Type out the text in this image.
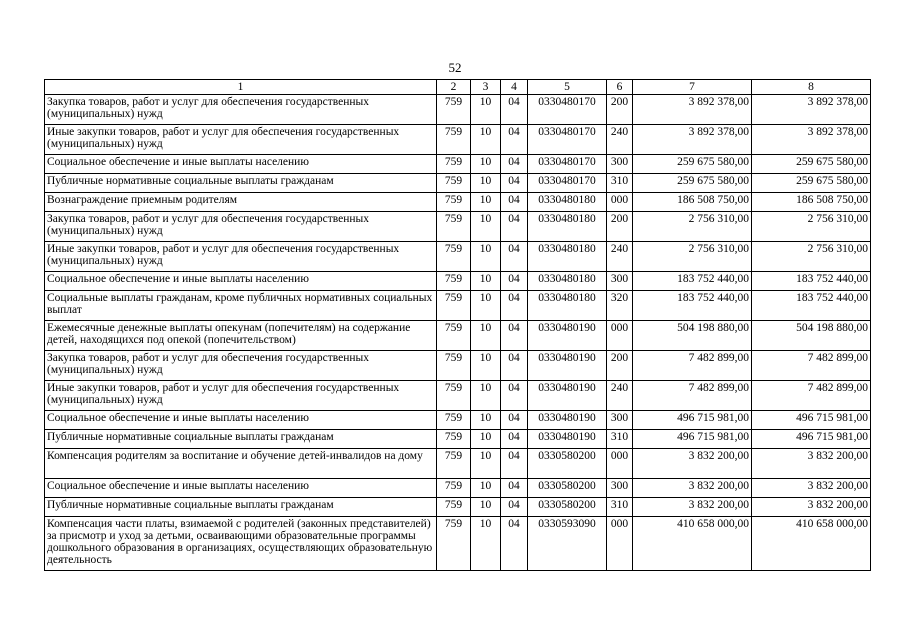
52
1	2	3	4	5	6	7	8
Закупка товаров, работ и услуг для обеспечения государственных (муниципальных) нужд	759	10	04	0330480170	200	3 892 378,00	3 892 378,00
Иные закупки товаров, работ и услуг для обеспечения государственных (муниципальных) нужд	759	10	04	0330480170	240	3 892 378,00	3 892 378,00
Социальное обеспечение и иные выплаты населению	759	10	04	0330480170	300	259 675 580,00	259 675 580,00
Публичные нормативные социальные выплаты гражданам	759	10	04	0330480170	310	259 675 580,00	259 675 580,00
Вознаграждение приемным родителям	759	10	04	0330480180	000	186 508 750,00	186 508 750,00
Закупка товаров, работ и услуг для обеспечения государственных (муниципальных) нужд	759	10	04	0330480180	200	2 756 310,00	2 756 310,00
Иные закупки товаров, работ и услуг для обеспечения государственных (муниципальных) нужд	759	10	04	0330480180	240	2 756 310,00	2 756 310,00
Социальное обеспечение и иные выплаты населению	759	10	04	0330480180	300	183 752 440,00	183 752 440,00
Социальные выплаты гражданам, кроме публичных нормативных социальных выплат	759	10	04	0330480180	320	183 752 440,00	183 752 440,00
Ежемесячные денежные выплаты опекунам (попечителям) на содержание детей, находящихся под опекой (попечительством)	759	10	04	0330480190	000	504 198 880,00	504 198 880,00
Закупка товаров, работ и услуг для обеспечения государственных (муниципальных) нужд	759	10	04	0330480190	200	7 482 899,00	7 482 899,00
Иные закупки товаров, работ и услуг для обеспечения государственных (муниципальных) нужд	759	10	04	0330480190	240	7 482 899,00	7 482 899,00
Социальное обеспечение и иные выплаты населению	759	10	04	0330480190	300	496 715 981,00	496 715 981,00
Публичные нормативные социальные выплаты гражданам	759	10	04	0330480190	310	496 715 981,00	496 715 981,00
Компенсация родителям за воспитание и обучение детей-инвалидов на дому	759	10	04	0330580200	000	3 832 200,00	3 832 200,00
Социальное обеспечение и иные выплаты населению	759	10	04	0330580200	300	3 832 200,00	3 832 200,00
Публичные нормативные социальные выплаты гражданам	759	10	04	0330580200	310	3 832 200,00	3 832 200,00
Компенсация части платы, взимаемой с родителей (законных представителей) за присмотр и уход за детьми, осваивающими образовательные программы дошкольного образования в организациях, осуществляющих образовательную деятельность	759	10	04	0330593090	000	410 658 000,00	410 658 000,00
